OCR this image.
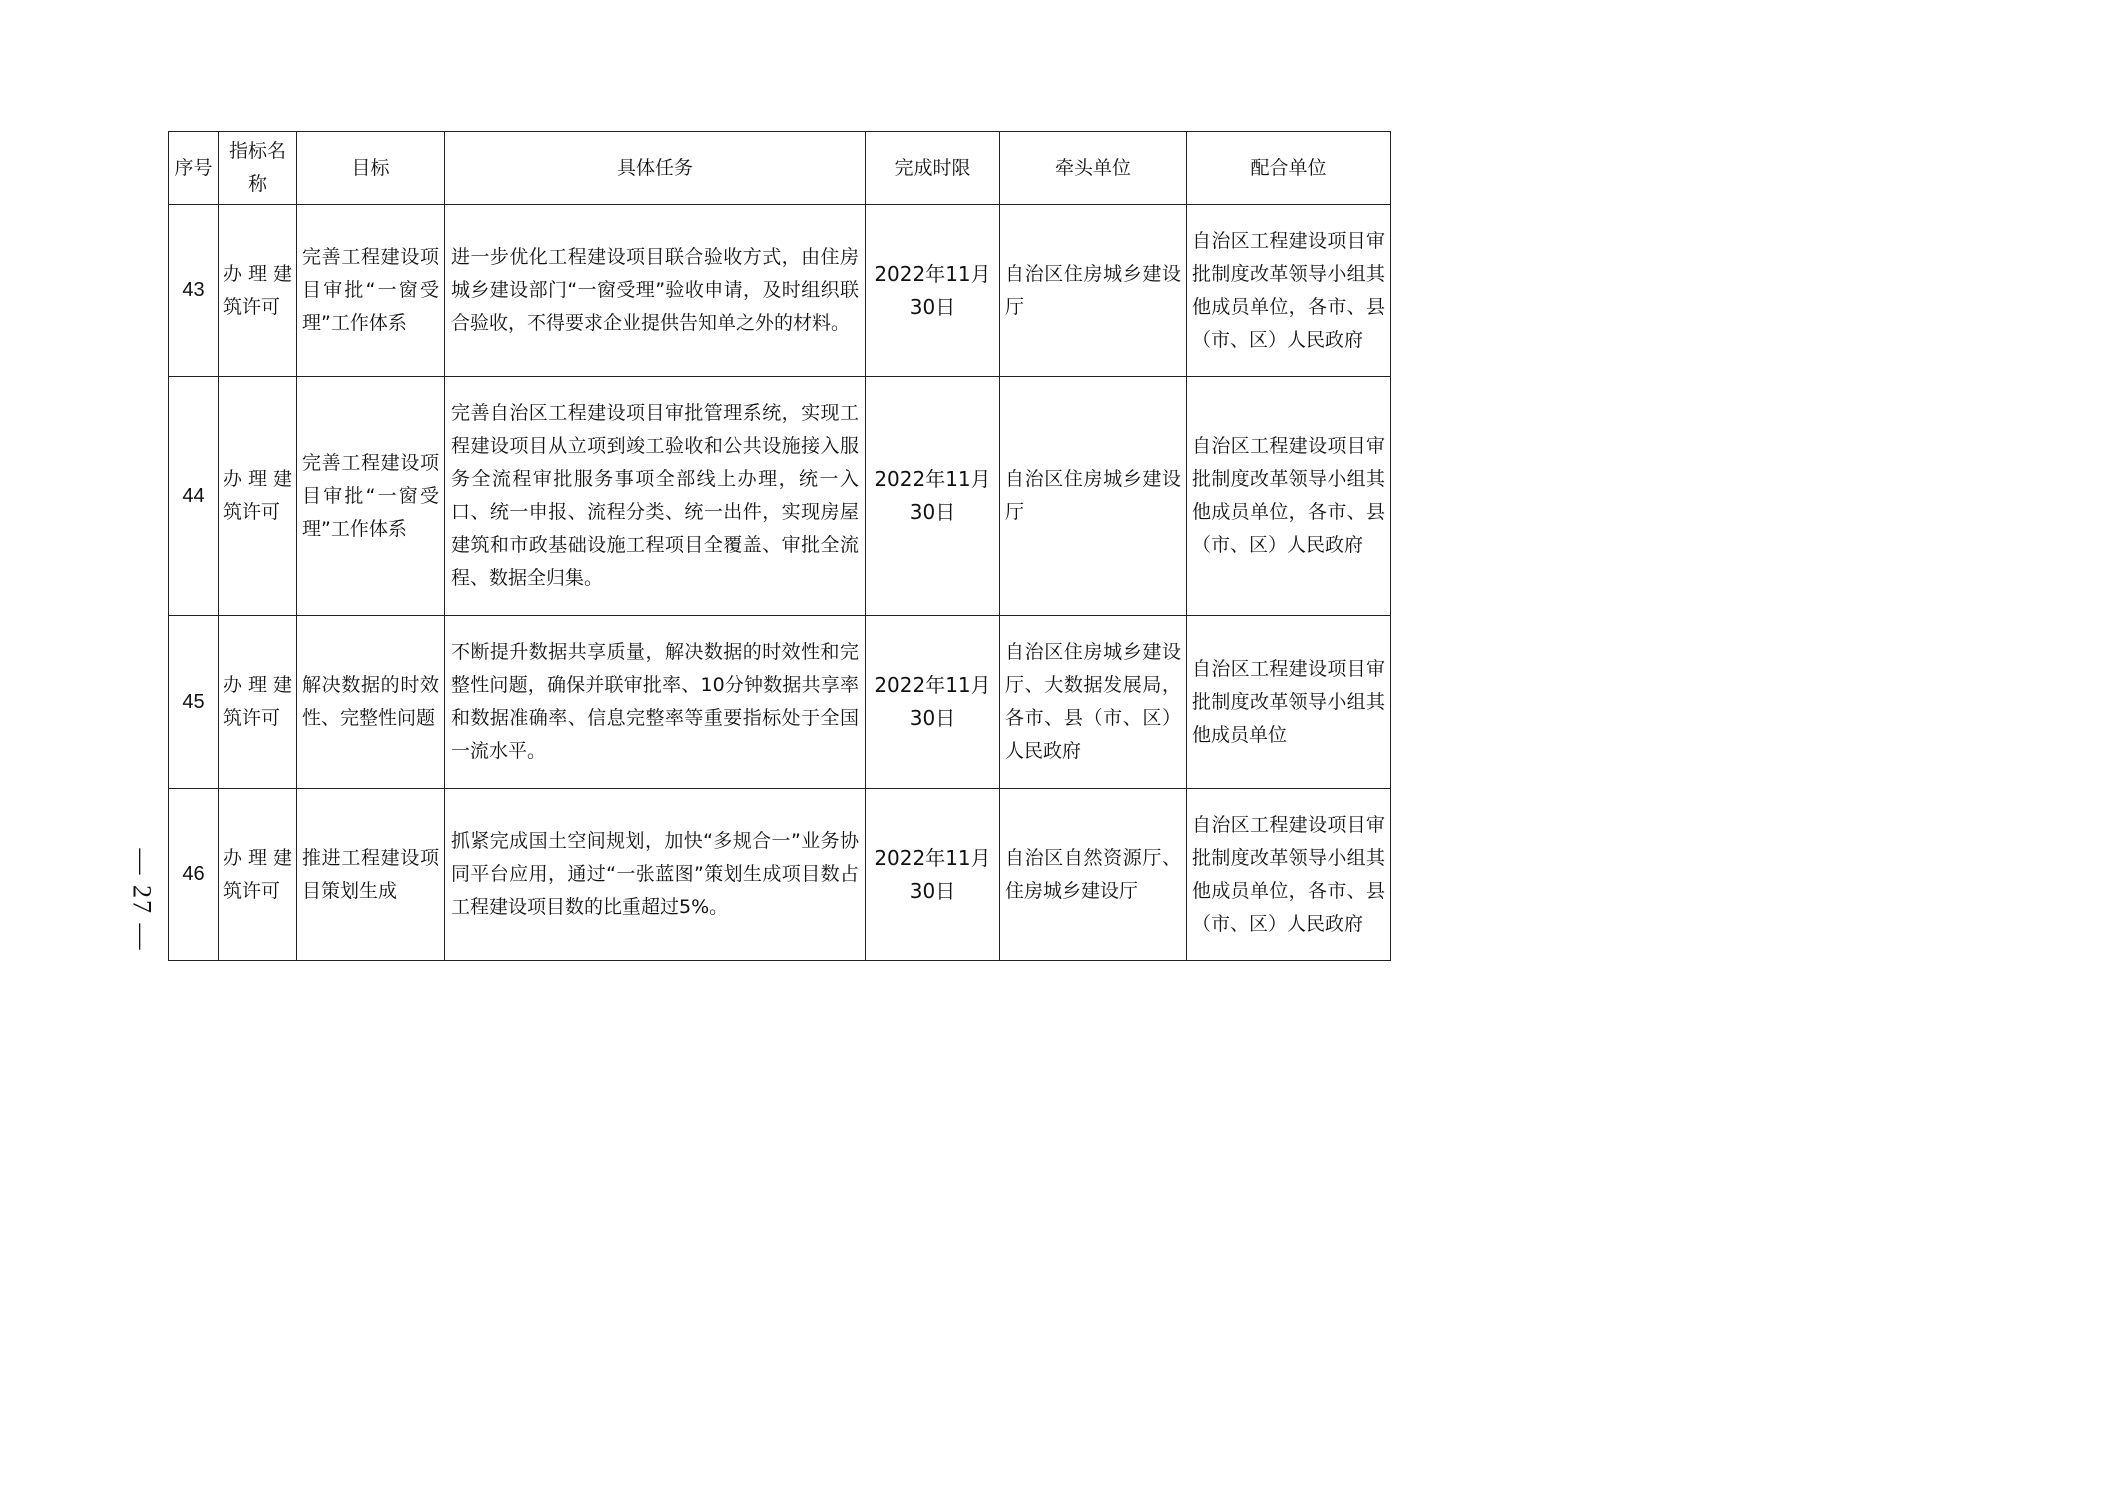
序号	指标名称	目标	具体任务	完成时限	牵头单位	配合单位
43	办理建筑许可	完善工程建设项目审批“一窗受理”工作体系	进一步优化工程建设项目联合验收方式，由住房城乡建设部门“一窗受理”验收申请，及时组织联合验收，不得要求企业提供告知单之外的材料。	2022年11月30日	自治区住房城乡建设厅	自治区工程建设项目审批制度改革领导小组其他成员单位，各市、县（市、区）人民政府
44	办理建筑许可	完善工程建设项目审批“一窗受理”工作体系	完善自治区工程建设项目审批管理系统，实现工程建设项目从立项到竣工验收和公共设施接入服务全流程审批服务事项全部线上办理，统一入口、统一申报、流程分类、统一出件，实现房屋建筑和市政基础设施工程项目全覆盖、审批全流程、数据全归集。	2022年11月30日	自治区住房城乡建设厅	自治区工程建设项目审批制度改革领导小组其他成员单位，各市、县（市、区）人民政府
45	办理建筑许可	解决数据的时效性、完整性问题	不断提升数据共享质量，解决数据的时效性和完整性问题，确保并联审批率、10分钟数据共享率和数据准确率、信息完整率等重要指标处于全国一流水平。	2022年11月30日	自治区住房城乡建设厅、大数据发展局，各市、县（市、区）人民政府	自治区工程建设项目审批制度改革领导小组其他成员单位
46	办理建筑许可	推进工程建设项目策划生成	抓紧完成国土空间规划，加快“多规合一”业务协同平台应用，通过“一张蓝图”策划生成项目数占工程建设项目数的比重超过5%。	2022年11月30日	自治区自然资源厅、住房城乡建设厅	自治区工程建设项目审批制度改革领导小组其他成员单位，各市、县（市、区）人民政府
— 27 —
